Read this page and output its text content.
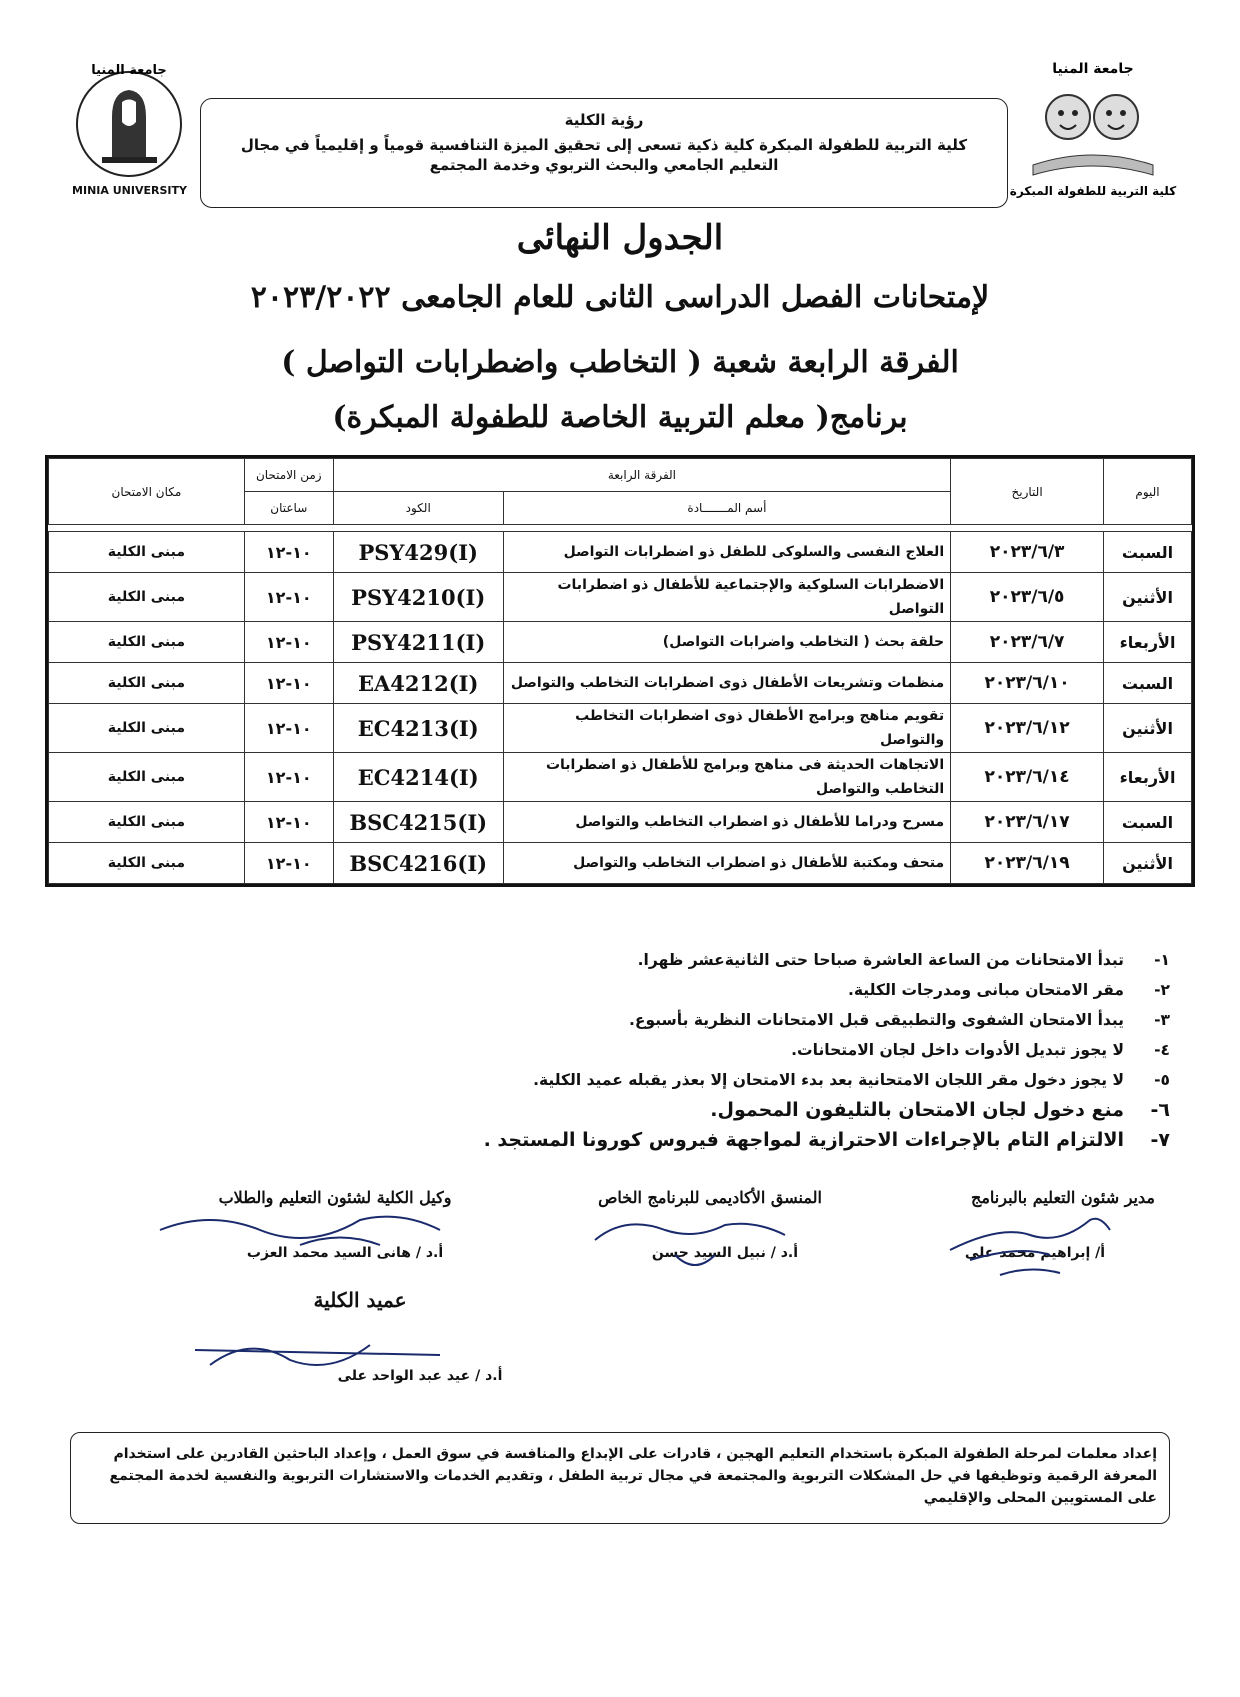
جامعة المنيا
MINIA UNIVERSITY
رؤية الكلية
كلية التربية للطفولة المبكرة كلية ذكية تسعى إلى تحقيق الميزة التنافسية قومياً و إقليمياً في مجال التعليم الجامعي والبحث التربوي وخدمة المجتمع
جامعة المنيا
كلية التربية للطفولة المبكرة
الجدول النهائى
لإمتحانات الفصل الدراسى الثانى للعام الجامعى ٢٠٢٣/٢٠٢٢
الفرقة الرابعة شعبة ( التخاطب واضطرابات التواصل )
برنامج( معلم التربية الخاصة للطفولة المبكرة)
اليوم	التاريخ	الفرقة الرابعة		زمن الامتحان	مكان الامتحان
		أسم المـــــــادة	الكود	ساعتان	

السبت	٢٠٢٣/٦/٣	العلاج النفسى والسلوكى للطفل ذو اضطرابات التواصل	PSY429(I)	١٠-١٢	مبنى الكلية
الأثنين	٢٠٢٣/٦/٥	الاضطرابات السلوكية والإجتماعية للأطفال ذو اضطرابات التواصل	PSY4210(I)	١٠-١٢	مبنى الكلية
الأربعاء	٢٠٢٣/٦/٧	حلقة بحث ( التخاطب واضرابات التواصل)	PSY4211(I)	١٠-١٢	مبنى الكلية
السبت	٢٠٢٣/٦/١٠	منظمات وتشريعات الأطفال ذوى اضطرابات التخاطب والتواصل	EA4212(I)	١٠-١٢	مبنى الكلية
الأثنين	٢٠٢٣/٦/١٢	تقويم مناهج وبرامج الأطفال ذوى اضطرابات التخاطب والتواصل	EC4213(I)	١٠-١٢	مبنى الكلية
الأربعاء	٢٠٢٣/٦/١٤	الاتجاهات الحديثة فى مناهج وبرامج للأطفال ذو اضطرابات التخاطب والتواصل	EC4214(I)	١٠-١٢	مبنى الكلية
السبت	٢٠٢٣/٦/١٧	مسرح ودراما للأطفال ذو اضطراب التخاطب والتواصل	BSC4215(I)	١٠-١٢	مبنى الكلية
الأثنين	٢٠٢٣/٦/١٩	متحف ومكتبة للأطفال ذو اضطراب التخاطب والتواصل	BSC4216(I)	١٠-١٢	مبنى الكلية
١-تبدأ الامتحانات من الساعة العاشرة صباحا حتى الثانيةعشر ظهرا.
٢-مقر الامتحان مبانى ومدرجات الكلية.
٣-يبدأ الامتحان الشفوى والتطبيقى قبل الامتحانات النظرية بأسبوع.
٤-لا يجوز تبديل الأدوات داخل لجان الامتحانات.
٥-لا يجوز دخول مقر اللجان الامتحانية بعد بدء الامتحان إلا بعذر يقبله عميد الكلية.
٦-منع دخول لجان الامتحان بالتليفون المحمول.
٧-الالتزام التام بالإجراءات الاحترازية لمواجهة فيروس كورونا المستجد .
مدير شئون التعليم بالبرنامج
أ/ إبراهيم محمد على
المنسق الأكاديمى للبرنامج الخاص
أ.د / نبيل السيد حسن
وكيل الكلية لشئون التعليم والطلاب
أ.د / هانى السيد محمد العزب
عميد الكلية
أ.د / عيد عبد الواحد على
إعداد معلمات لمرحلة الطفولة المبكرة باستخدام التعليم الهجين ، قادرات على الإبداع والمنافسة في سوق العمل ، وإعداد الباحثين القادرين على استخدام المعرفة الرقمية وتوظيفها في حل المشكلات التربوية والمجتمعة في مجال تربية الطفل ، وتقديم الخدمات والاستشارات التربوية والنفسية لخدمة المجتمع على المستويين المحلى والإقليمي
